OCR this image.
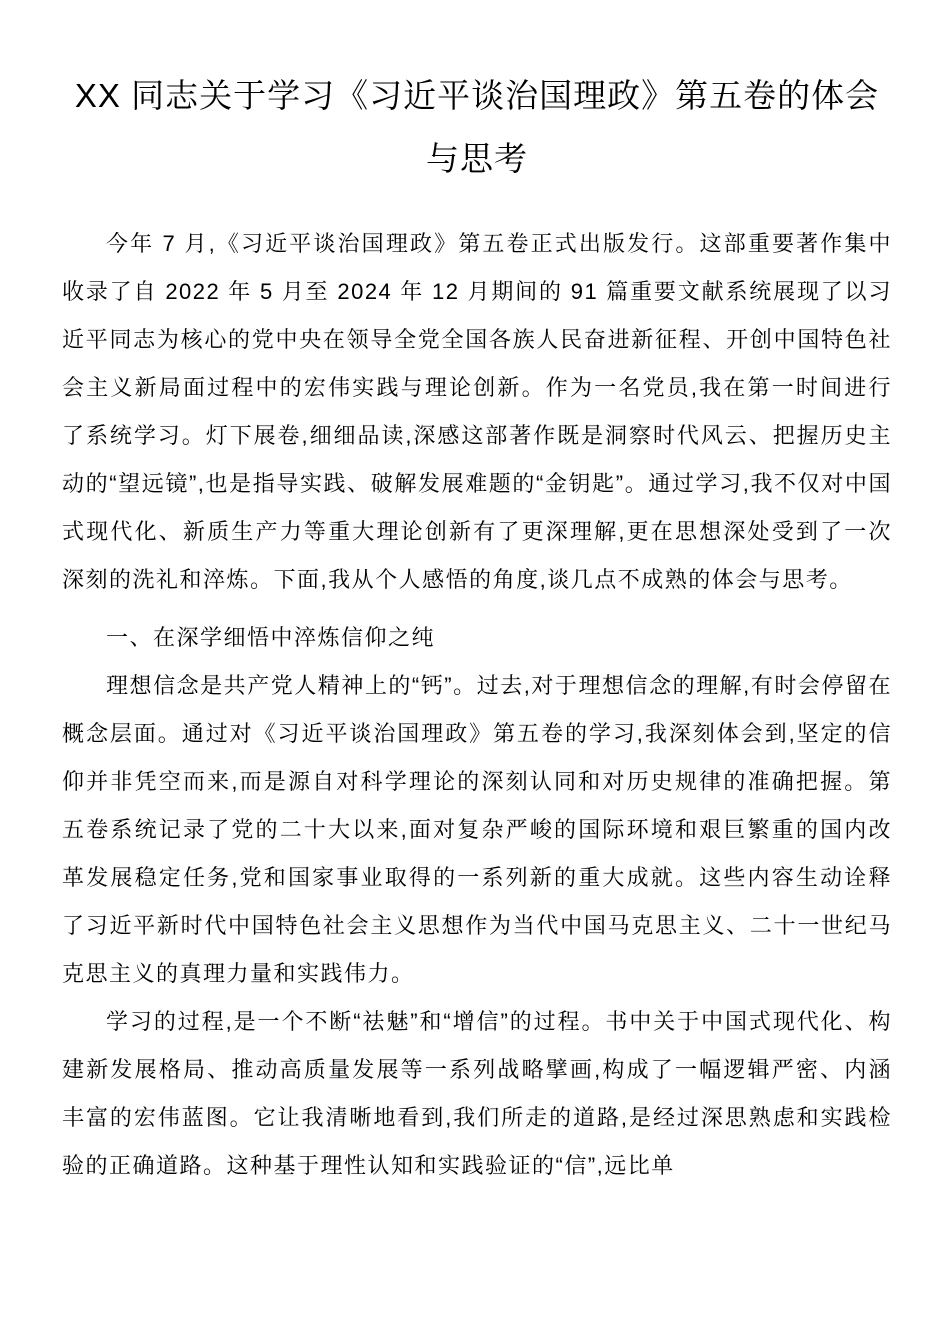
XX 同志关于学习《习近平谈治国理政》第五卷的体会与思考

今年 7 月,《习近平谈治国理政》第五卷正式出版发行。这部重要著作集中收录了自 2022 年 5 月至 2024 年 12 月期间的 91 篇重要文献系统展现了以习近平同志为核心的党中央在领导全党全国各族人民奋进新征程、开创中国特色社会主义新局面过程中的宏伟实践与理论创新。作为一名党员,我在第一时间进行了系统学习。灯下展卷,细细品读,深感这部著作既是洞察时代风云、把握历史主动的“望远镜”,也是指导实践、破解发展难题的“金钥匙”。通过学习,我不仅对中国式现代化、新质生产力等重大理论创新有了更深理解,更在思想深处受到了一次深刻的洗礼和淬炼。下面,我从个人感悟的角度,谈几点不成熟的体会与思考。

一、在深学细悟中淬炼信仰之纯

理想信念是共产党人精神上的“钙”。过去,对于理想信念的理解,有时会停留在概念层面。通过对《习近平谈治国理政》第五卷的学习,我深刻体会到,坚定的信仰并非凭空而来,而是源自对科学理论的深刻认同和对历史规律的准确把握。第五卷系统记录了党的二十大以来,面对复杂严峻的国际环境和艰巨繁重的国内改革发展稳定任务,党和国家事业取得的一系列新的重大成就。这些内容生动诠释了习近平新时代中国特色社会主义思想作为当代中国马克思主义、二十一世纪马克思主义的真理力量和实践伟力。

学习的过程,是一个不断“祛魅”和“增信”的过程。书中关于中国式现代化、构建新发展格局、推动高质量发展等一系列战略擘画,构成了一幅逻辑严密、内涵丰富的宏伟蓝图。它让我清晰地看到,我们所走的道路,是经过深思熟虑和实践检验的正确道路。这种基于理性认知和实践验证的“信”,远比单
